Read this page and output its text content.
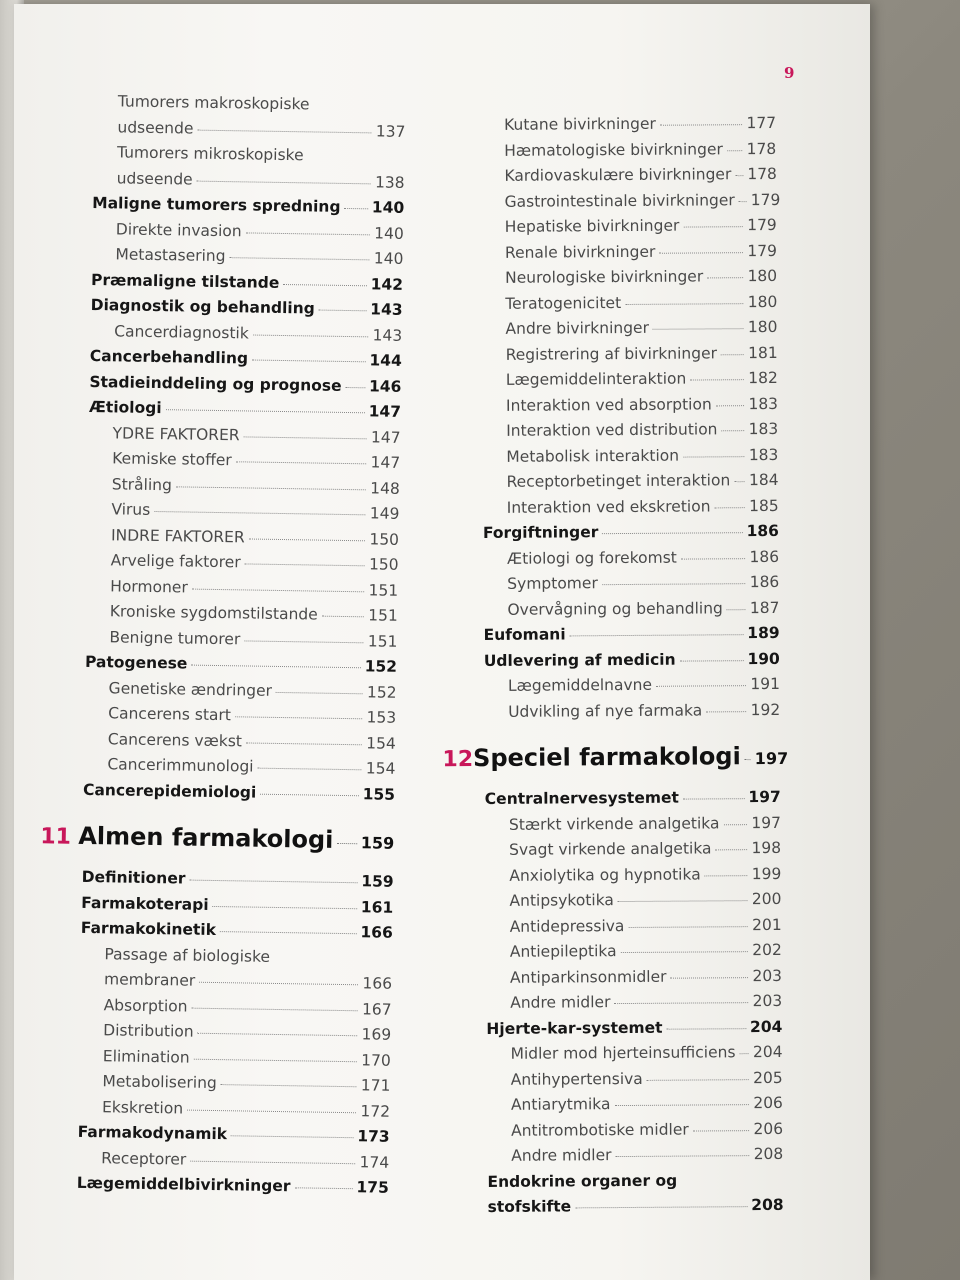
9
Tumorers makroskopiske
udseende	137
Tumorers mikroskopiske
udseende	138
Maligne tumorers spredning 140
Direkte invasion	140
Metastasering	140
Præmaligne tilstande	142
Diagnostik og behandling	143
Cancerdiagnostik	143
Cancerbehandling	144
Stadieinddeling og prognose 146
Ætiologi	147
YDRE FAKTORER	147
Kemiske stoffer	147
Stråling	148
Virus	149
INDRE FAKTORER	150
Arvelige faktorer	150
Hormoner	151
Kroniske sygdomstilstande	151
Benigne tumorer	151
Patogenese	152
Genetiske ændringer	152
Cancerens start	153
Cancerens vækst	154
Cancerimmunologi	154
Cancerepidemiologi	155
11 Almen farmakologi 159
Definitioner	159
Farmakoterapi	161
Farmakokinetik	166
Passage af biologiske
membraner	166
Absorption	167
Distribution	169
Elimination	170
Metabolisering	171
Ekskretion	172
Farmakodynamik	173
Receptorer	174
Lægemiddelbivirkninger	175
Kutane bivirkninger	177
Hæmatologiske bivirkninger 178
Kardiovaskulære bivirkninger 178
Gastrointestinale bivirkninger 179
Hepatiske bivirkninger	179
Renale bivirkninger	179
Neurologiske bivirkninger	180
Teratogenicitet	180
Andre bivirkninger	180
Registrering af bivirkninger 181
Lægemiddelinteraktion	182
Interaktion ved absorption 183
Interaktion ved distribution 183
Metabolisk interaktion	183
Receptorbetinget interaktion 184
Interaktion ved ekskretion 185
Forgiftninger	186
Ætiologi og forekomst	186
Symptomer	186
Overvågning og behandling 187
Eufomani	189
Udlevering af medicin	190
Lægemiddelnavne	191
Udvikling af nye farmaka	192
12 Speciel farmakologi 197
Centralnervesystemet	197
Stærkt virkende analgetika 197
Svagt virkende analgetika	198
Anxiolytika og hypnotika	199
Antipsykotika	200
Antidepressiva	201
Antiepileptika	202
Antiparkinsonmidler	203
Andre midler	203
Hjerte-kar-systemet	204
Midler mod hjerteinsufficiens 204
Antihypertensiva	205
Antiarytmika	206
Antitrombotiske midler	206
Andre midler	208
Endokrine organer og
stofskifte	208
